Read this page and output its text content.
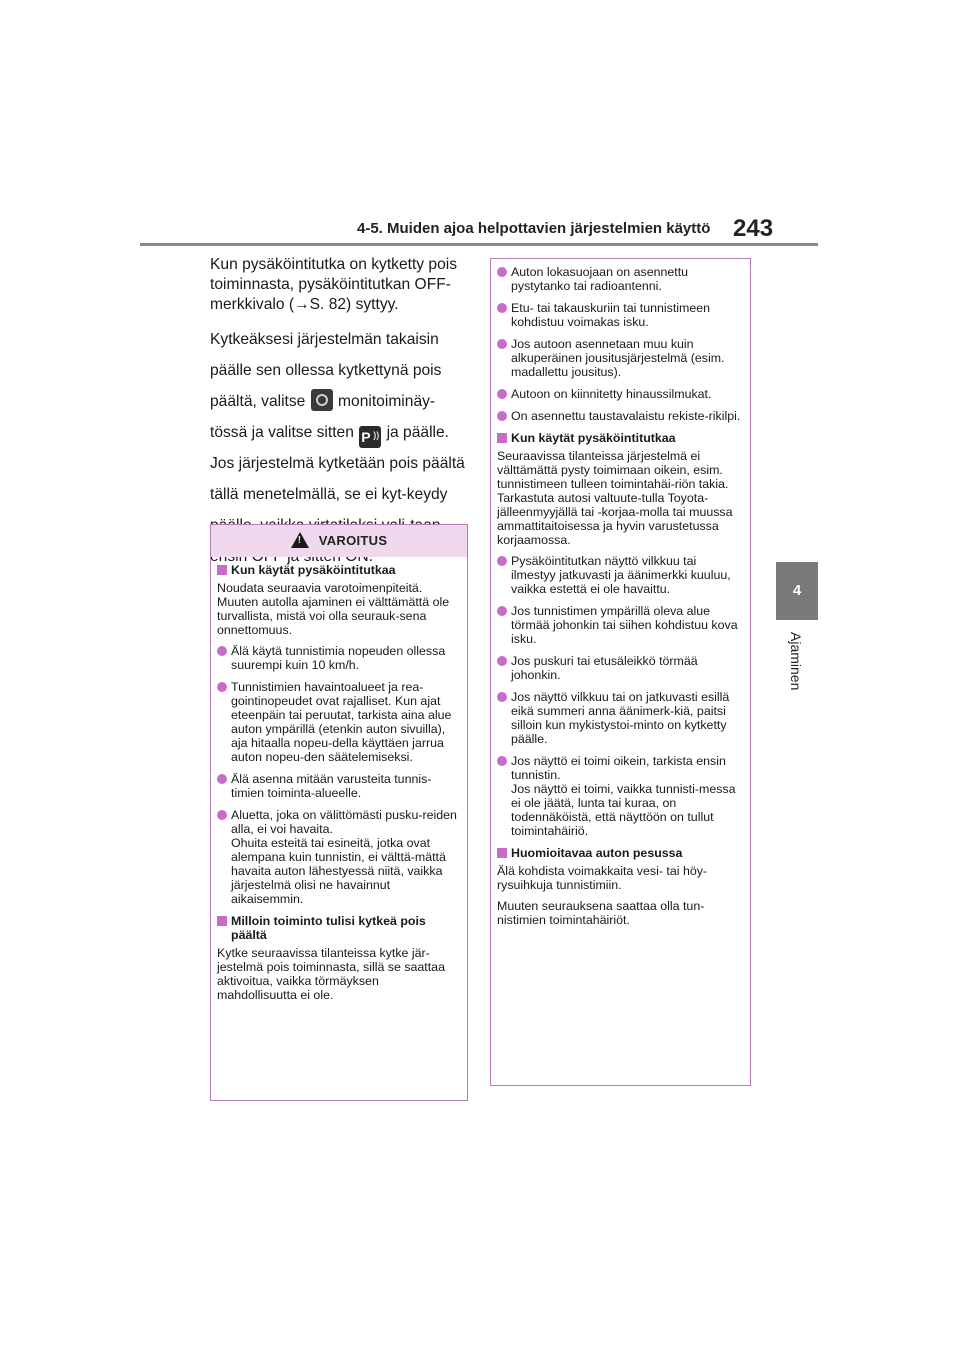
4-5. Muiden ajoa helpottavien järjestelmien käyttö 243
4
Ajaminen

Kun pysäköintitutka on kytketty pois toiminnasta, pysäköintitutkan OFF-merkkivalo (→S. 82) syttyy.

Kytkeäksesi järjestelmän takaisin päälle sen ollessa kytkettynä pois päältä, valitse monitoiminäy-tössä ja valitse sitten P )) ja päälle.

Jos järjestelmä kytketään pois päältä tällä menetelmällä, se ei kyt-keydy

!VAROITUS
Kun käytät pysäköintitutkaa
Noudata seuraavia varotoimenpiteitä. Muuten autolla ajaminen ei välttämättä ole turvallista, mistä voi olla seurauk-sena onnettomuus.
Älä käytä tunnistimia nopeuden ollessa suurempi kuin 10 km/h.
Tunnistimien havaintoalueet ja rea-gointinopeudet ovat rajalliset. Kun ajat eteenpäin tai peruutat, tarkista aina alue auton ympärillä (etenkin auton sivuilla), aja hitaalla nopeu-della käyttäen jarrua auton nopeu-den säätelemiseksi.
Älä asenna mitään varusteita tunnis-timien toiminta-alueelle.
Aluetta, joka on välittömästi pusku-reiden alla, ei voi havaita.
Ohuita esteitä tai esineitä, jotka ovat alempana kuin tunnistin, ei välttä-mättä havaita auton lähestyessä niitä, vaikka järjestelmä olisi ne havainnut aikaisemmin.
Milloin toiminto tulisi kytkeä pois päältä
Kytke seuraavissa tilanteissa kytke jär-jestelmä pois toiminnasta, sillä se saattaa aktivoitua, vaikka törmäyksen mahdollisuutta ei ole.
Auton lokasuojaan on asennettu pystytanko tai radioantenni.
Etu- tai takauskuriin tai tunnistimeen kohdistuu voimakas isku.
Jos autoon asennetaan muu kuin alkuperäinen jousitusjärjestelmä (esim. madallettu jousitus).
Autoon on kiinnitetty hinaussilmukat.
On asennettu taustavalaistu rekiste-rikilpi.
Kun käytät pysäköintitutkaa
Seuraavissa tilanteissa järjestelmä ei välttämättä pysty toimimaan oikein, esim. tunnistimeen tulleen toimintahäi-riön takia. Tarkastuta autosi valtuute-tulla Toyota-jälleenmyyjällä tai -korjaa-molla tai muussa ammattitaitoisessa ja hyvin varustetussa korjaamossa.
Pysäköintitutkan näyttö vilkkuu tai ilmestyy jatkuvasti ja äänimerkki kuuluu, vaikka estettä ei ole havaittu.
Jos tunnistimen ympärillä oleva alue törmää johonkin tai siihen kohdistuu kova isku.
Jos puskuri tai etusäleikkö törmää johonkin.
Jos näyttö vilkkuu tai on jatkuvasti esillä eikä summeri anna äänimerk-kiä, paitsi silloin kun mykistystoi-minto on kytketty päälle.
Jos näyttö ei toimi oikein, tarkista ensin tunnistin.
Jos näyttö ei toimi, vaikka tunnisti-messa ei ole jäätä, lunta tai kuraa, on todennäköistä, että näyttöön on tullut toimintahäiriö.
Huomioitavaa auton pesussa
Älä kohdista voimakkaita vesi- tai höy-rysuihkuja tunnistimiin.
Muuten seurauksena saattaa olla tun-nistimien toimintahäiriöt.
